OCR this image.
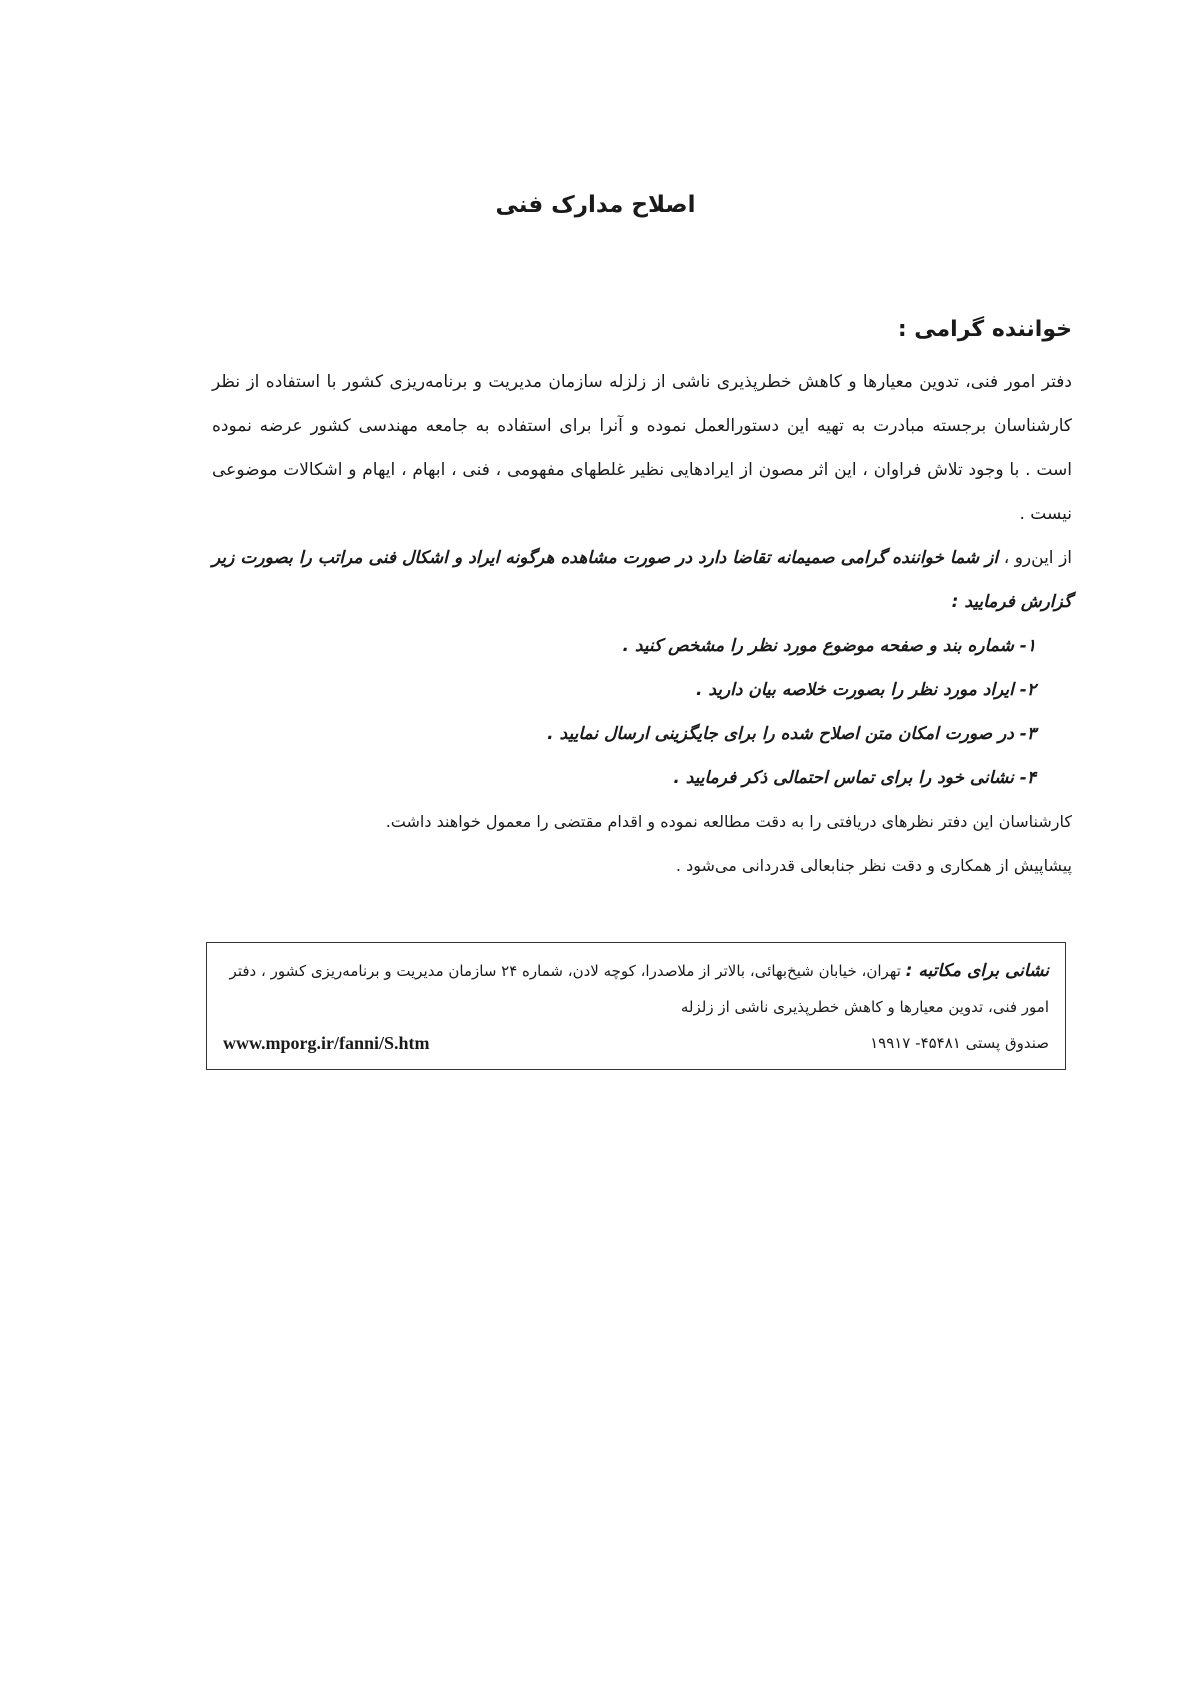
اصلاح مدارک فنی

خواننده گرامی :

دفتر امور فنی، تدوین معیارها و کاهش خطرپذیری ناشی از زلزله سازمان مدیریت و برنامه‌ریزی کشور با استفاده از نظر کارشناسان برجسته مبادرت به تهیه این دستورالعمل نموده و آنرا برای استفاده به جامعه مهندسی کشور عرضه نموده است . با وجود تلاش فراوان ، این اثر مصون از ایرادهایی نظیر غلطهای مفهومی ، فنی ، ابهام ، ایهام و اشکالات موضوعی نیست .

از این‌رو ، از شما خواننده گرامی صمیمانه تقاضا دارد در صورت مشاهده هرگونه ایراد و اشکال فنی مراتب را بصورت زیر گزارش فرمایید :

۱- شماره بند و صفحه موضوع مورد نظر را مشخص کنید .
۲- ایراد مورد نظر را بصورت خلاصه بیان دارید .
۳- در صورت امکان متن اصلاح شده را برای جایگزینی ارسال نمایید .
۴- نشانی خود را برای تماس احتمالی ذکر فرمایید .

کارشناسان این دفتر نظرهای دریافتی را به دقت مطالعه نموده و اقدام مقتضی را معمول خواهند داشت.

پیشاپیش از همکاری و دقت نظر جنابعالی قدردانی می‌شود .

نشانی برای مکاتبه : تهران، خیابان شیخ‌بهائی، بالاتر از ملاصدرا، کوچه لادن، شماره ۲۴ سازمان مدیریت و برنامه‌ریزی کشور ، دفتر امور فنی، تدوین معیارها و کاهش خطرپذیری ناشی از زلزله

صندوق پستی ۴۵۴۸۱- ۱۹۹۱۷
www.mporg.ir/fanni/S.htm
